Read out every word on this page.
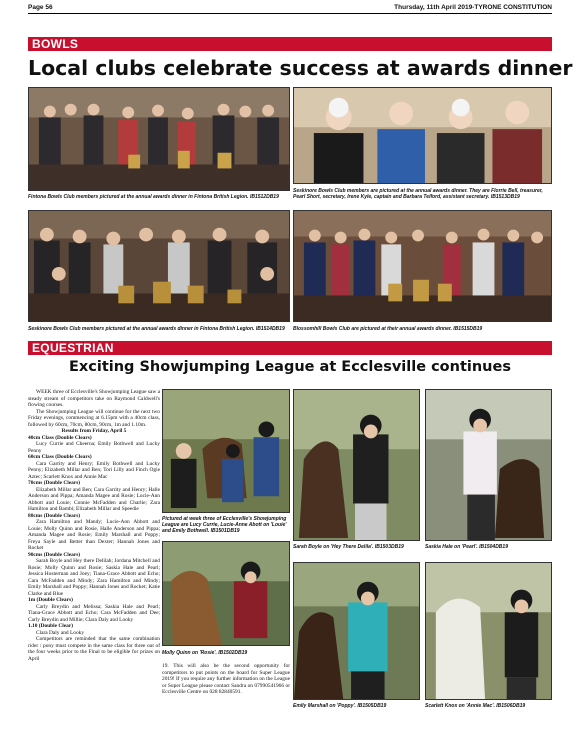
Page 56	Thursday, 11th April 2019-TYRONE CONSTITUTION
BOWLS
Local clubs celebrate success at awards dinner
Fintona Bowls Club members pictured at the annual awards dinner in Fintona British Legion. IB1512DB19
Seskinore Bowls Club members are pictured at the annual awards dinner. They are Florrie Bell, treasurer, Pearl Short, secretary, Irene Kyle, captain and Barbara Telford, assistant secretary. IB1513DB19
Seskinore Bowls Club members pictured at the annual awards dinner in Fintona British Legion. IB1514DB19	Blossomhill Bowls Club are pictured at their annual awards dinner. IB1515DB19
EQUESTRIAN
Exciting Showjumping League at Ecclesville continues

WEEK three of Ecclesville's Showjumping League saw a steady stream of competitors take on Raymond Caldwell's flowing courses.

The Showjumping League will continue for the next two Friday evenings, commencing at 6.15pm with a 40cm class, followed by 60cm, 70cm, 80cm, 90cm, 1m and 1.10m.

Results from Friday, April 5

40cm Class (Double Clears)

Lucy Currie and Cheerna; Emily Bothwell and Lucky Penny

60cm Class (Double Clears)

Cara Garrity and Henry; Emily Bothwell and Lucky Penny; Elizabeth Millar and Ben; Tori Lilly and Finch Ogie Aztec; Scarlett Knox and Annie Mac

70cms (Double Clears)

Elizabeth Millar and Ben; Cara Garrity and Henry; Halle Anderson and Pippa; Amanda Magee and Rosie; Lucie-Ann Abbott and Louie; Connie McFadden and Charlie; Zara Hamilton and Bambi; Elizabeth Millar and Speedie

80cms (Double Clears)

Zara Hamilton and Mandy; Lucie-Ann Abbott and Louie; Molly Quinn and Rosie, Halle Anderson and Pippa; Amanda Magee and Rosie; Emily Marshall and Poppy; Freya Sayle and Better than Dexter; Hannah Jones and Rocket

90cms (Double Clears)

Sarah Boyle and Hey there Delilah; Jordana Mitchell and Rosie; Molly Quinn and Rosie; Saskia Hale and Pearl; Jessica Hosterman and Joey; Tiana-Grace Abbott and Echo; Cara McFadden and Mindy; Zara Hamilton and Mindy; Emily Marshall and Poppy; Hannah Jones and Rocket; Katie Clarke and Blue

1m (Double Clears)

Carly Breydin and Melissa; Saskia Hale and Pearl; Tiana-Grace Abbott and Echo; Cara McFadden and Dee; Carly Breydin and Millie; Clara Daly and Looky

1.10 (Double Clear)

Clara Daly and Looky

Competitors are reminded that the same combination rider / pony must compete in the same class for three out of the four weeks prior to the Final to be eligible for prizes on April

19. This will also be the second opportunity for competitors to put points on the board for Super League 2019! If you require any further information on the League or Super League please contact Sandra on 07990541966 or Ecclesville Centre on 028 82840591.
Pictured at week three of Ecclesville's Showjumping League are Lucy Currie, Lucie-Anne Abott on 'Louie' and Emily Bothwell. IB1501DB19
Sarah Boyle on 'Hey There Delila'. IB1503DB19	Saskia Hale on 'Pearl'. IB1504DB19
Molly Quinn on 'Rosie'. IB1502DB19
Emily Marshall on 'Poppy'. IB1505DB19	Scarlett Knox on 'Annie Mac'. IB1506DB19
